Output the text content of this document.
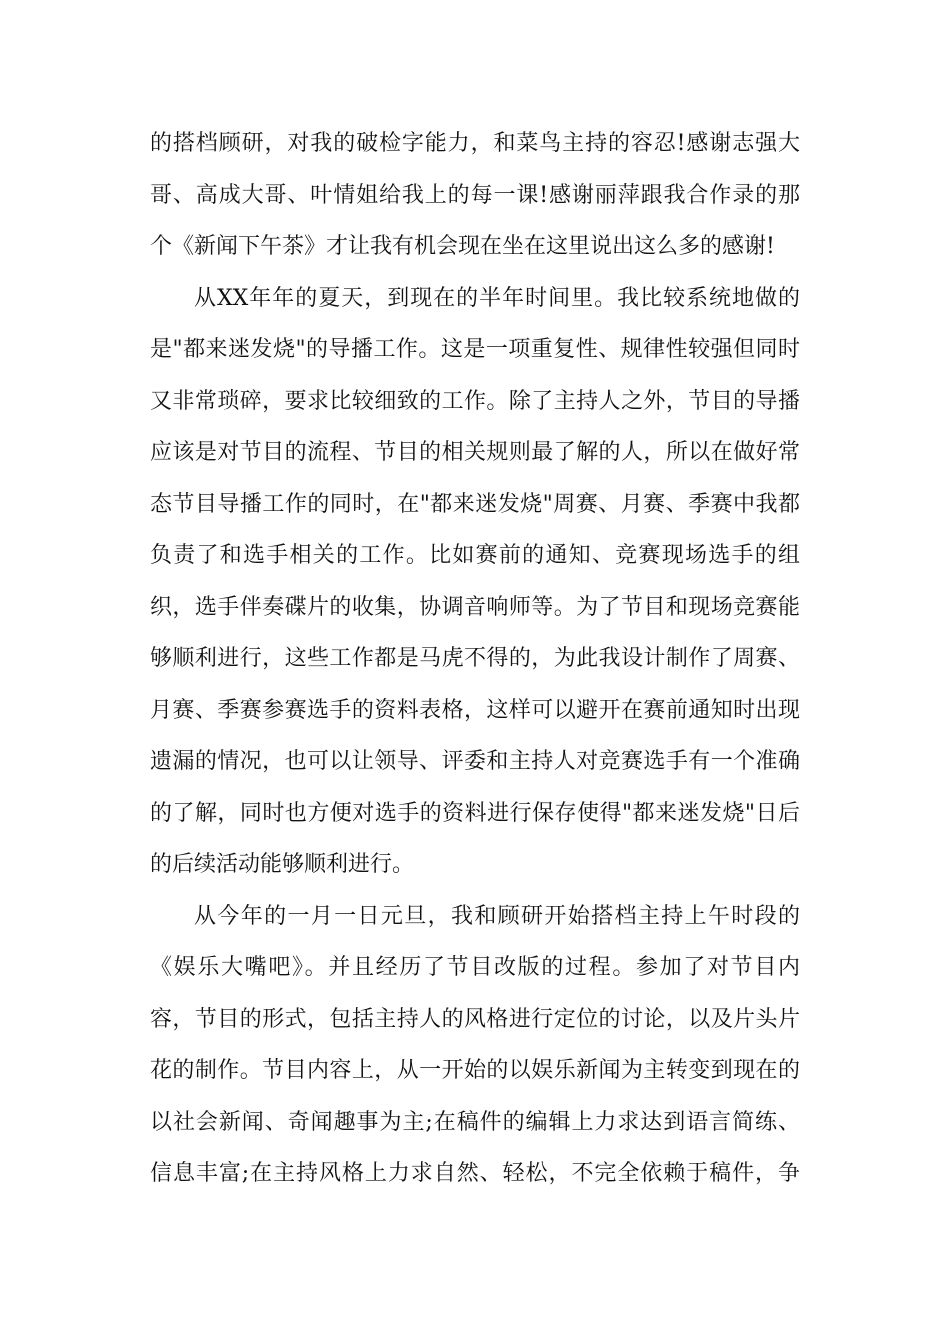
的搭档顾研，对我的破检字能力，和菜鸟主持的容忍!感谢志强大
哥、高成大哥、叶情姐给我上的每一课!感谢丽萍跟我合作录的那
个《新闻下午茶》才让我有机会现在坐在这里说出这么多的感谢!
从XX年年的夏天，到现在的半年时间里。我比较系统地做的
是"都来迷发烧"的导播工作。这是一项重复性、规律性较强但同时
又非常琐碎，要求比较细致的工作。除了主持人之外，节目的导播
应该是对节目的流程、节目的相关规则最了解的人，所以在做好常
态节目导播工作的同时，在"都来迷发烧"周赛、月赛、季赛中我都
负责了和选手相关的工作。比如赛前的通知、竞赛现场选手的组
织，选手伴奏碟片的收集，协调音响师等。为了节目和现场竞赛能
够顺利进行，这些工作都是马虎不得的，为此我设计制作了周赛、
月赛、季赛参赛选手的资料表格，这样可以避开在赛前通知时出现
遗漏的情况，也可以让领导、评委和主持人对竞赛选手有一个准确
的了解，同时也方便对选手的资料进行保存使得"都来迷发烧"日后
的后续活动能够顺利进行。
从今年的一月一日元旦，我和顾研开始搭档主持上午时段的
《娱乐大嘴吧》。并且经历了节目改版的过程。参加了对节目内
容，节目的形式，包括主持人的风格进行定位的讨论，以及片头片
花的制作。节目内容上，从一开始的以娱乐新闻为主转变到现在的
以社会新闻、奇闻趣事为主;在稿件的编辑上力求达到语言简练、
信息丰富;在主持风格上力求自然、轻松，不完全依赖于稿件，争
